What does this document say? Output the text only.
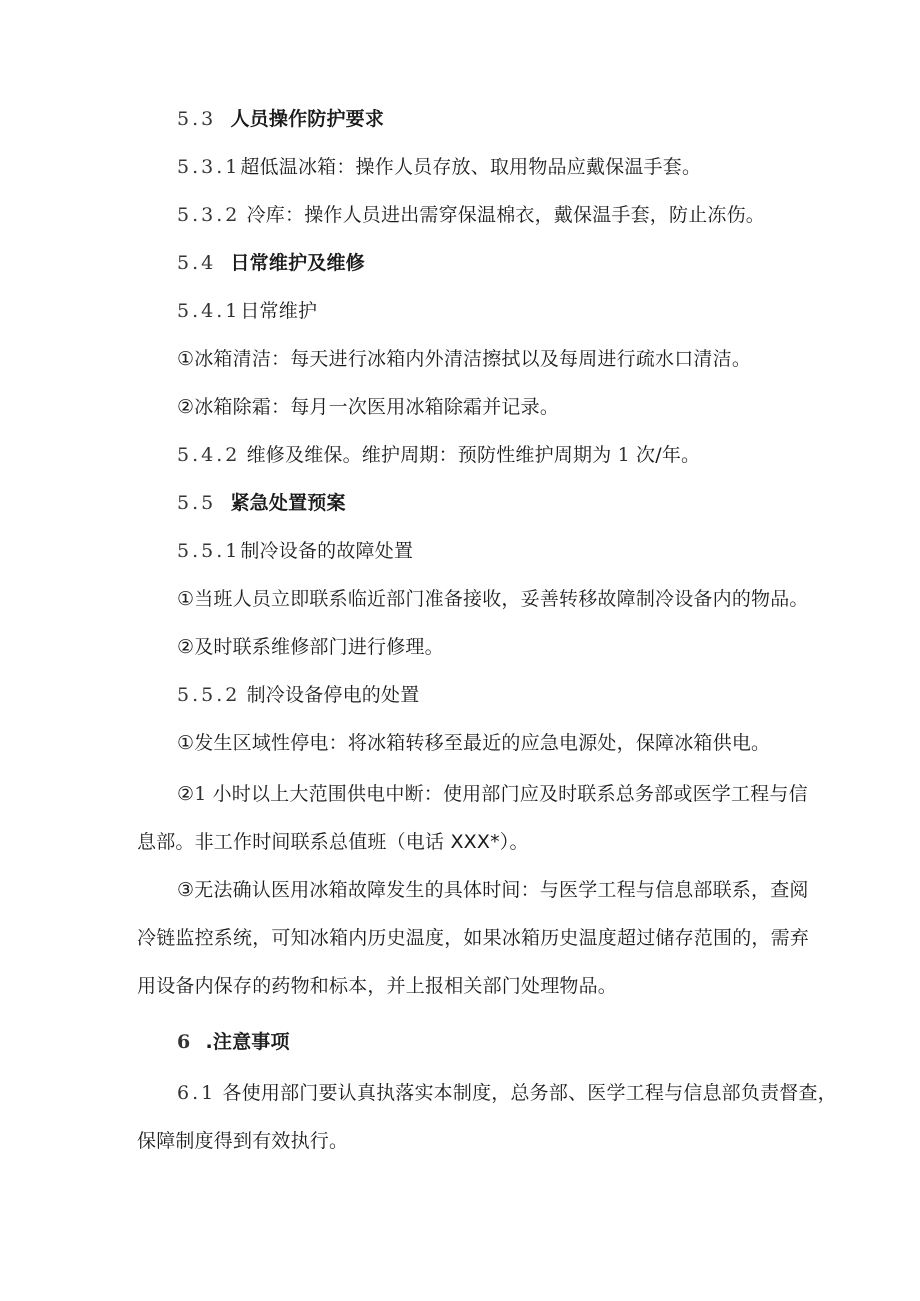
5.3 人员操作防护要求
5.3.1超低温冰箱：操作人员存放、取用物品应戴保温手套。
5.3.2 冷库：操作人员进出需穿保温棉衣，戴保温手套，防止冻伤。
5.4 日常维护及维修
5.4.1日常维护
①冰箱清洁：每天进行冰箱内外清洁擦拭以及每周进行疏水口清洁。
②冰箱除霜：每月一次医用冰箱除霜并记录。
5.4.2 维修及维保。维护周期：预防性维护周期为 1 次/年。
5.5 紧急处置预案
5.5.1制冷设备的故障处置
①当班人员立即联系临近部门准备接收，妥善转移故障制冷设备内的物品。
②及时联系维修部门进行修理。
5.5.2 制冷设备停电的处置
①发生区域性停电：将冰箱转移至最近的应急电源处，保障冰箱供电。
②1 小时以上大范围供电中断：使用部门应及时联系总务部或医学工程与信
息部。非工作时间联系总值班（电话 XXX*）。
③无法确认医用冰箱故障发生的具体时间：与医学工程与信息部联系，查阅
冷链监控系统，可知冰箱内历史温度，如果冰箱历史温度超过储存范围的，需弃
用设备内保存的药物和标本，并上报相关部门处理物品。
6 .注意事项
6.1 各使用部门要认真执落实本制度，总务部、医学工程与信息部负责督查，
保障制度得到有效执行。
